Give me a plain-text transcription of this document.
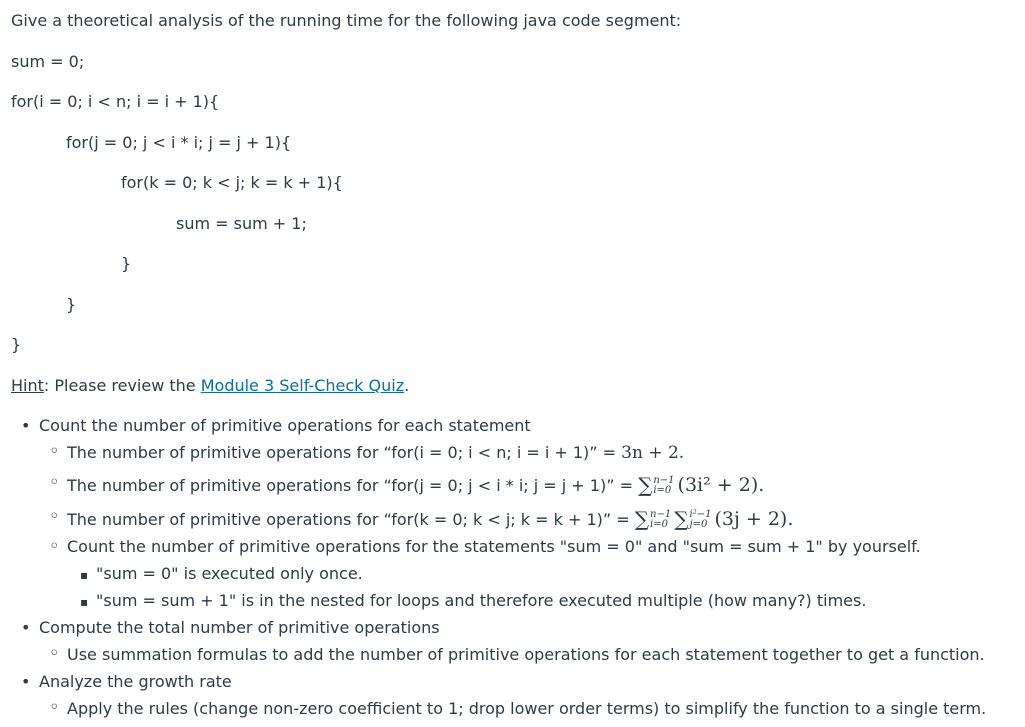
Give a theoretical analysis of the running time for the following java code segment:
sum = 0;
for(i = 0; i < n; i = i + 1){
for(j = 0; j < i * i; j = j + 1){
for(k = 0; k < j; k = k + 1){
sum = sum + 1;
}
}
}
Hint: Please review the Module 3 Self-Check Quiz.
•
Count the number of primitive operations for each statement
◦
The number of primitive operations for “for(i = 0; i < n; i = i + 1)” = 3n + 2.
◦
The number of primitive operations for “for(j = 0; j < i * i; j = j + 1)” = ∑ n−1
i=0 (3i² + 2).
◦
The number of primitive operations for “for(k = 0; k < j; k = k + 1)” = ∑ n−1
i=0 ∑ i²−1
j=0 (3j + 2).
◦
Count the number of primitive operations for the statements "sum = 0" and "sum = sum + 1" by yourself.
▪
"sum = 0" is executed only once.
▪
"sum = sum + 1" is in the nested for loops and therefore executed multiple (how many?) times.
•
Compute the total number of primitive operations
◦
Use summation formulas to add the number of primitive operations for each statement together to get a function.
•
Analyze the growth rate
◦
Apply the rules (change non-zero coefficient to 1; drop lower order terms) to simplify the function to a single term.
